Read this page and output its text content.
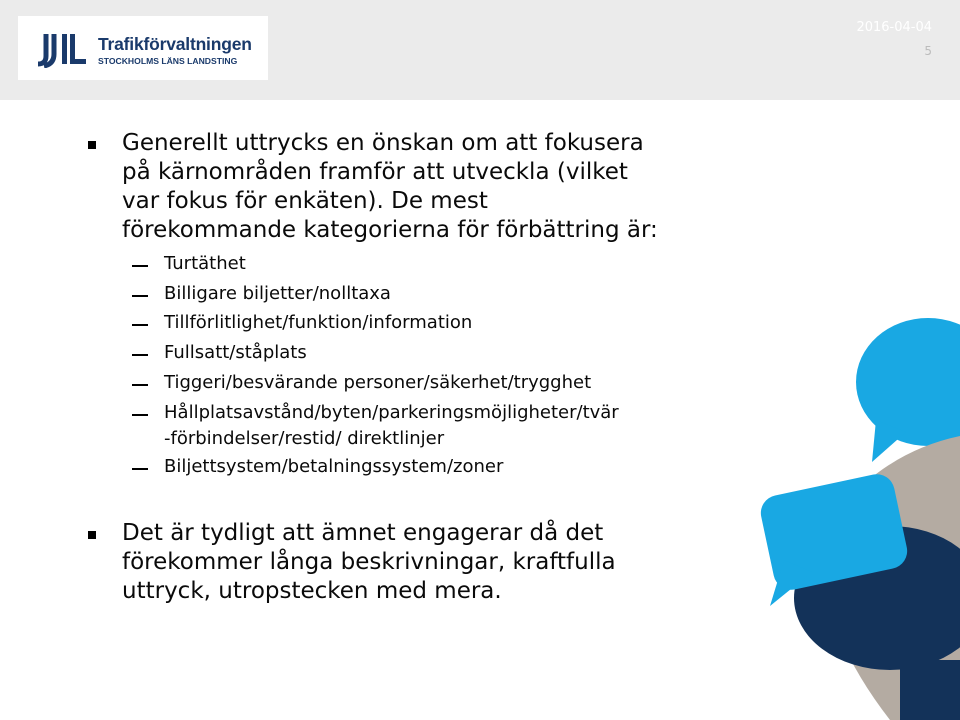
Trafikförvaltningen
STOCKHOLMS LÄNS LANDSTING
2016-04-04
5

Generellt uttrycks en önskan om att fokusera
på kärnområden framför att utveckla (vilket
var fokus för enkäten). De mest
förekommande kategorierna för förbättring är:

Turtäthet
Billigare biljetter/nolltaxa
Tillförlitlighet/funktion/information
Fullsatt/ståplats
Tiggeri/besvärande personer/säkerhet/trygghet
Hållplatsavstånd/byten/parkeringsmöjligheter/tvär
-förbindelser/restid/ direktlinjer
Biljettsystem/betalningssystem/zoner

Det är tydligt att ämnet engagerar då det
förekommer långa beskrivningar, kraftfulla
uttryck, utropstecken med mera.
